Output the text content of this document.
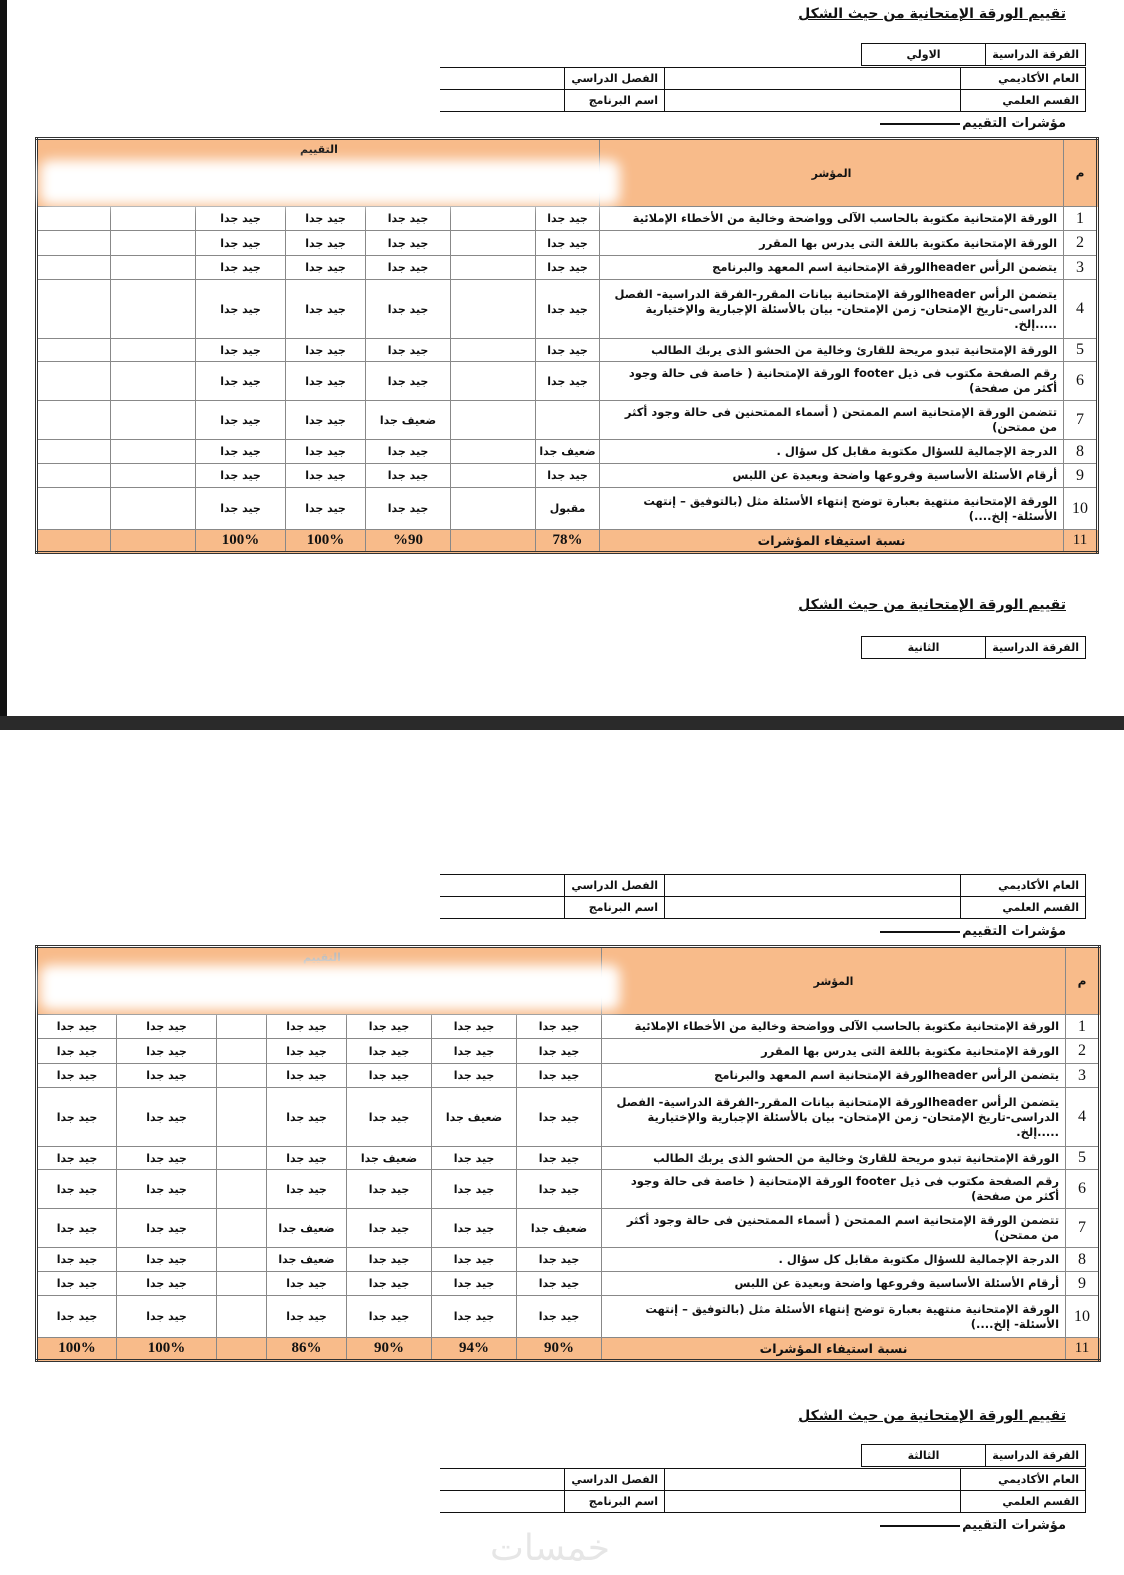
تقييم الورقة الإمتحانية من حيث الشكل
الفرقة الدراسية	الاولي
العام الأكاديمي		الفصل الدراسي	
القسم العلمي		اسم البرنامج	
مؤشرات التقييم
م	المؤشر							
1	الورقة الإمتحانية مكتوبة بالحاسب الآلى وواضحة وخالية من الأخطاء الإملائية	جيد جدا		جيد جدا	جيد جدا	جيد جدا		
2	الورقة الإمتحانية مكتوبة باللغة التى يدرس بها المقرر	جيد جدا		جيد جدا	جيد جدا	جيد جدا		
3	يتضمن الرأس headerالورقة الإمتحانية اسم المعهد والبرنامج	جيد جدا		جيد جدا	جيد جدا	جيد جدا		
4	يتضمن الرأس headerالورقة الإمتحانية بيانات المقرر-الفرقة الدراسية- الفصل الدراسى-تاريخ الإمتحان- زمن الإمتحان- بيان بالأسئلة الإجبارية والإختيارية .....إلخ.	جيد جدا		جيد جدا	جيد جدا	جيد جدا		
5	الورقة الإمتحانية تبدو مريحة للقارئ وخالية من الحشو الذى يربك الطالب	جيد جدا		جيد جدا	جيد جدا	جيد جدا		
6	رقم الصفحة مكتوب فى ذيل footer الورقة الإمتحانية ( خاصة فى حالة وجود أكثر من صفحة)	جيد جدا		جيد جدا	جيد جدا	جيد جدا		
7	تتضمن الورقة الإمتحانية اسم الممتحن ( أسماء الممتحنين فى حالة وجود أكثر من ممتحن)			ضعيف جدا	جيد جدا	جيد جدا		
8	الدرجة الإجمالية للسؤال مكتوبة مقابل كل سؤال .	ضعيف جدا		جيد جدا	جيد جدا	جيد جدا		
9	أرقام الأسئلة الأساسية وفروعها واضحة وبعيدة عن اللبس	جيد جدا		جيد جدا	جيد جدا	جيد جدا		
10	الورقة الإمتحانية منتهية بعبارة توضح إنتهاء الأسئلة مثل (بالتوفيق – إنتهت الأسئلة- إلخ....)	مقبول		جيد جدا	جيد جدا	جيد جدا		
11	نسبة استيفاء المؤشرات	78%		%90	100%	100%		
التقييم
تقييم الورقة الإمتحانية من حيث الشكل
الفرقة الدراسية	الثانية
العام الأكاديمي		الفصل الدراسي	
القسم العلمي		اسم البرنامج	
مؤشرات التقييم
م	المؤشر							
1	الورقة الإمتحانية مكتوبة بالحاسب الآلى وواضحة وخالية من الأخطاء الإملائية	جيد جدا	جيد جدا	جيد جدا	جيد جدا		جيد جدا	جيد جدا
2	الورقة الإمتحانية مكتوبة باللغة التى يدرس بها المقرر	جيد جدا	جيد جدا	جيد جدا	جيد جدا		جيد جدا	جيد جدا
3	يتضمن الرأس headerالورقة الإمتحانية اسم المعهد والبرنامج	جيد جدا	جيد جدا	جيد جدا	جيد جدا		جيد جدا	جيد جدا
4	يتضمن الرأس headerالورقة الإمتحانية بيانات المقرر-الفرقة الدراسية- الفصل الدراسى-تاريخ الإمتحان- زمن الإمتحان- بيان بالأسئلة الإجبارية والإختيارية .....إلخ.	جيد جدا	ضعيف جدا	جيد جدا	جيد جدا		جيد جدا	جيد جدا
5	الورقة الإمتحانية تبدو مريحة للقارئ وخالية من الحشو الذى يربك الطالب	جيد جدا	جيد جدا	ضعيف جدا	جيد جدا		جيد جدا	جيد جدا
6	رقم الصفحة مكتوب فى ذيل footer الورقة الإمتحانية ( خاصة فى حالة وجود أكثر من صفحة)	جيد جدا	جيد جدا	جيد جدا	جيد جدا		جيد جدا	جيد جدا
7	تتضمن الورقة الإمتحانية اسم الممتحن ( أسماء الممتحنين فى حالة وجود أكثر من ممتحن)	ضعيف جدا	جيد جدا	جيد جدا	ضعيف جدا		جيد جدا	جيد جدا
8	الدرجة الإجمالية للسؤال مكتوبة مقابل كل سؤال .	جيد جدا	جيد جدا	جيد جدا	ضعيف جدا		جيد جدا	جيد جدا
9	أرقام الأسئلة الأساسية وفروعها واضحة وبعيدة عن اللبس	جيد جدا	جيد جدا	جيد جدا	جيد جدا		جيد جدا	جيد جدا
10	الورقة الإمتحانية منتهية بعبارة توضح إنتهاء الأسئلة مثل (بالتوفيق – إنتهت الأسئلة- إلخ....)	جيد جدا	جيد جدا	جيد جدا	جيد جدا		جيد جدا	جيد جدا
11	نسبة استيفاء المؤشرات	90%	94%	90%	86%		100%	100%
التقييم
تقييم الورقة الإمتحانية من حيث الشكل
الفرقة الدراسية	الثالثة
العام الأكاديمي		الفصل الدراسي	
القسم العلمي		اسم البرنامج	
مؤشرات التقييم
خمسات
